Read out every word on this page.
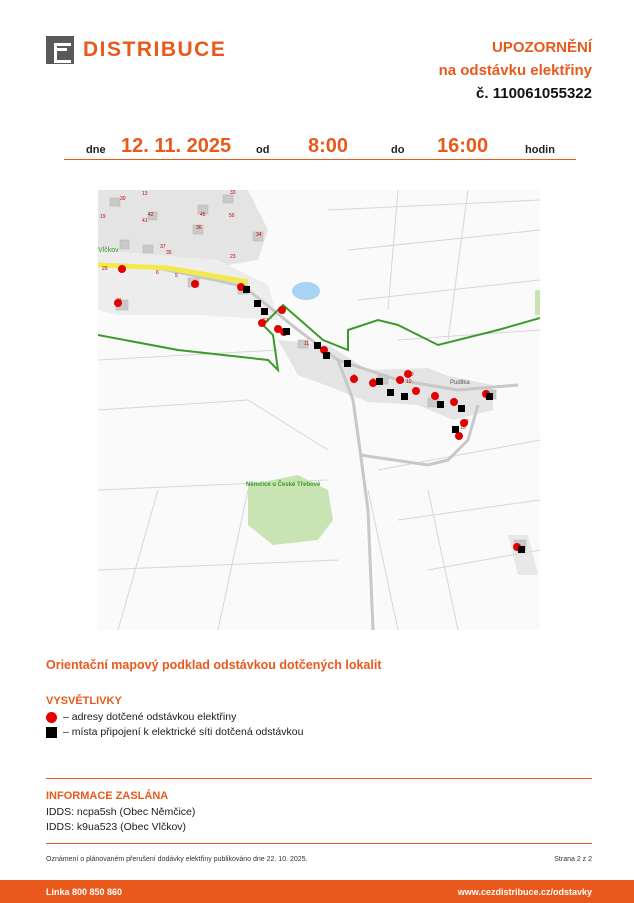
DISTRIBUCE	UPOZORNĚNÍ
na odstávku elektřiny
č. 110061055322
dne 12. 11. 2025 od 8:00	do 16:00	hodin
Vlčkov
Němčice u České Třebové
Pudilka
13
30
33
19	42	45
41
50
36
34
37
35
29
6	5
23
24
33
53
17
11
1
9
2
10
12 10
5
6
7
8
13
14
15
20
Orientační mapový podklad odstávkou dotčených lokalit
VYSVĚTLIVKY
– adresy dotčené odstávkou elektřiny
– místa připojení k elektrické síti dotčená odstávkou
INFORMACE ZASLÁNA
IDDS: ncpa5sh (Obec Němčice)
IDDS: k9ua523 (Obec Vlčkov)
Oznámení o plánovaném přerušení dodávky elektřiny publikováno dne 22. 10. 2025.	Strana 2 z 2
Linka 800 850 860	www.cezdistribuce.cz/odstavky
